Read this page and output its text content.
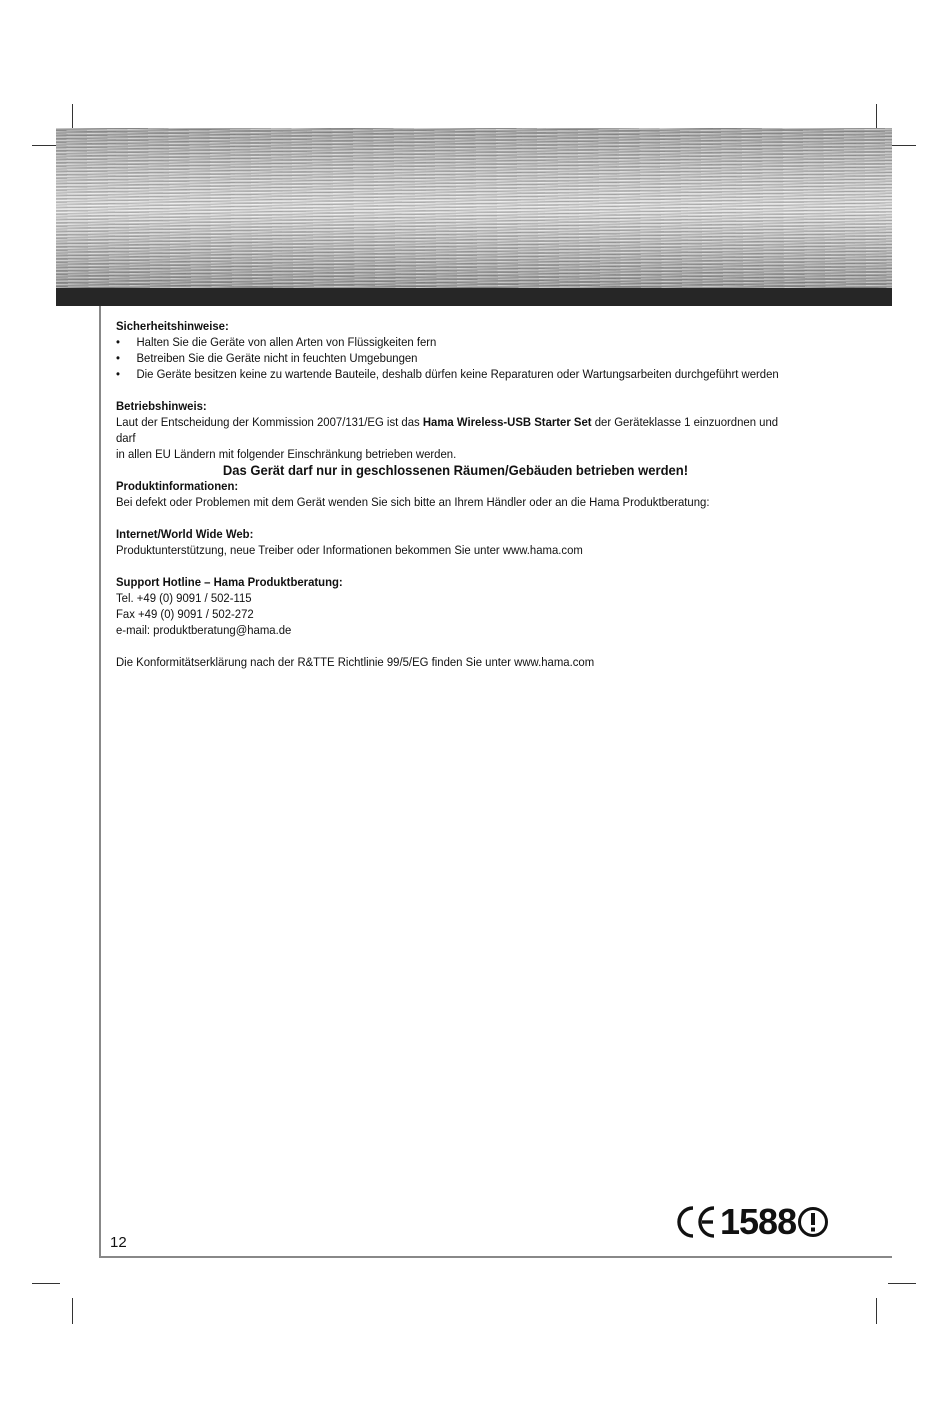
Sicherheitshinweise:

• Halten Sie die Geräte von allen Arten von Flüssigkeiten fern
• Betreiben Sie die Geräte nicht in feuchten Umgebungen
• Die Geräte besitzen keine zu wartende Bauteile, deshalb dürfen keine Reparaturen oder Wartungsarbeiten durchgeführt werden

Betriebshinweis:

Laut der Entscheidung der Kommission 2007/131/EG ist das Hama Wireless-USB Starter Set der Geräteklasse 1 einzuordnen und darf

in allen EU Ländern mit folgender Einschränkung betrieben werden.

Das Gerät darf nur in geschlossenen Räumen/Gebäuden betrieben werden!

Produktinformationen:

Bei defekt oder Problemen mit dem Gerät wenden Sie sich bitte an Ihrem Händler oder an die Hama Produktberatung:

Internet/World Wide Web:

Produktunterstützung, neue Treiber oder Informationen bekommen Sie unter www.hama.com

Support Hotline – Hama Produktberatung:

Tel. +49 (0) 9091 / 502-115

Fax +49 (0) 9091 / 502-272

e-mail: produktberatung@hama.de

Die Konformitätserklärung nach der R&TTE Richtlinie 99/5/EG finden Sie unter www.hama.com

12
1588
